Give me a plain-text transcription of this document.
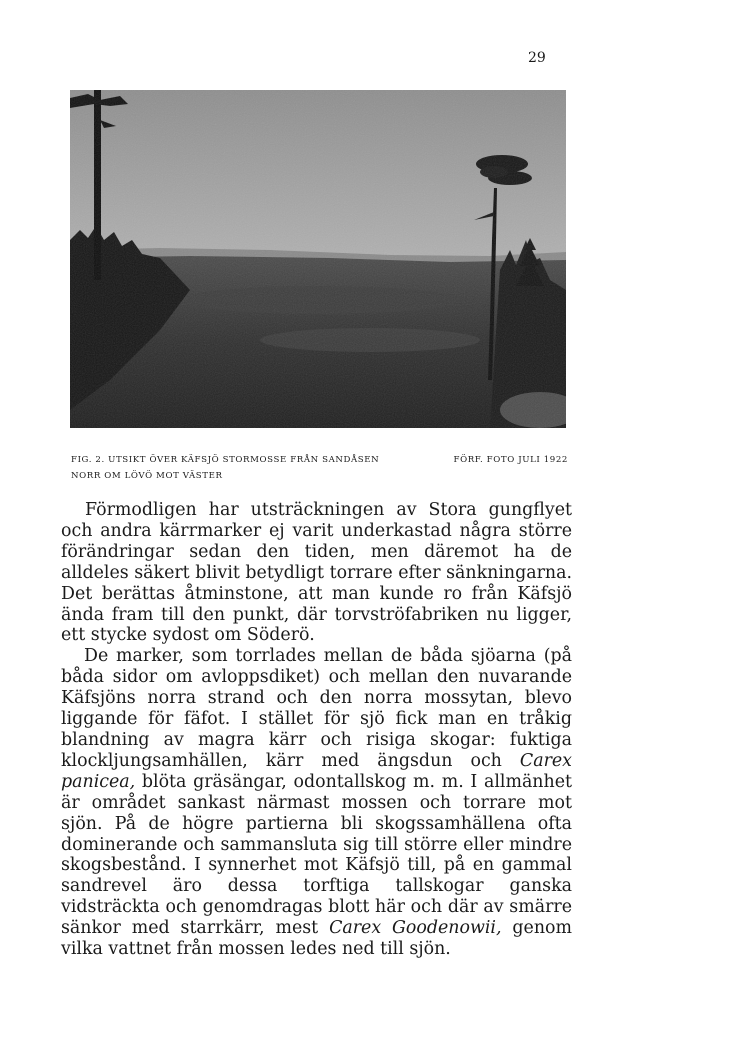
29
FIG. 2. UTSIKT ÖVER KÄFSJÖ STORMOSSE FRÅN SANDÅSEN NORR OM LÖVÖ MOT VÄSTER
FÖRF. FOTO JULI 1922

Förmodligen har utsträckningen av Stora gungflyet och andra kärrmarker ej varit underkastad några större förändringar sedan den tiden, men däremot ha de alldeles säkert blivit betydligt torrare efter sänkningarna. Det berättas åtminstone, att man kunde ro från Käfsjö ända fram till den punkt, där torvströfabriken nu ligger, ett stycke sydost om Söderö.

De marker, som torrlades mellan de båda sjöarna (på båda sidor om avloppsdiket) och mellan den nuvarande Käfsjöns norra strand och den norra mossytan, blevo liggande för fäfot. I stället för sjö fick man en tråkig blandning av magra kärr och risiga skogar: fuktiga klockljungsamhällen, kärr med ängsdun och Carex panicea, blöta gräsängar, odontallskog m. m. I allmänhet är området sankast närmast mossen och torrare mot sjön. På de högre partierna bli skogssamhällena ofta dominerande och sammansluta sig till större eller mindre skogsbestånd. I synnerhet mot Käfsjö till, på en gammal sandrevel äro dessa torftiga tallskogar ganska vidsträckta och genomdragas blott här och där av smärre sänkor med starrkärr, mest Carex Goodenowii, genom vilka vattnet från mossen ledes ned till sjön.
